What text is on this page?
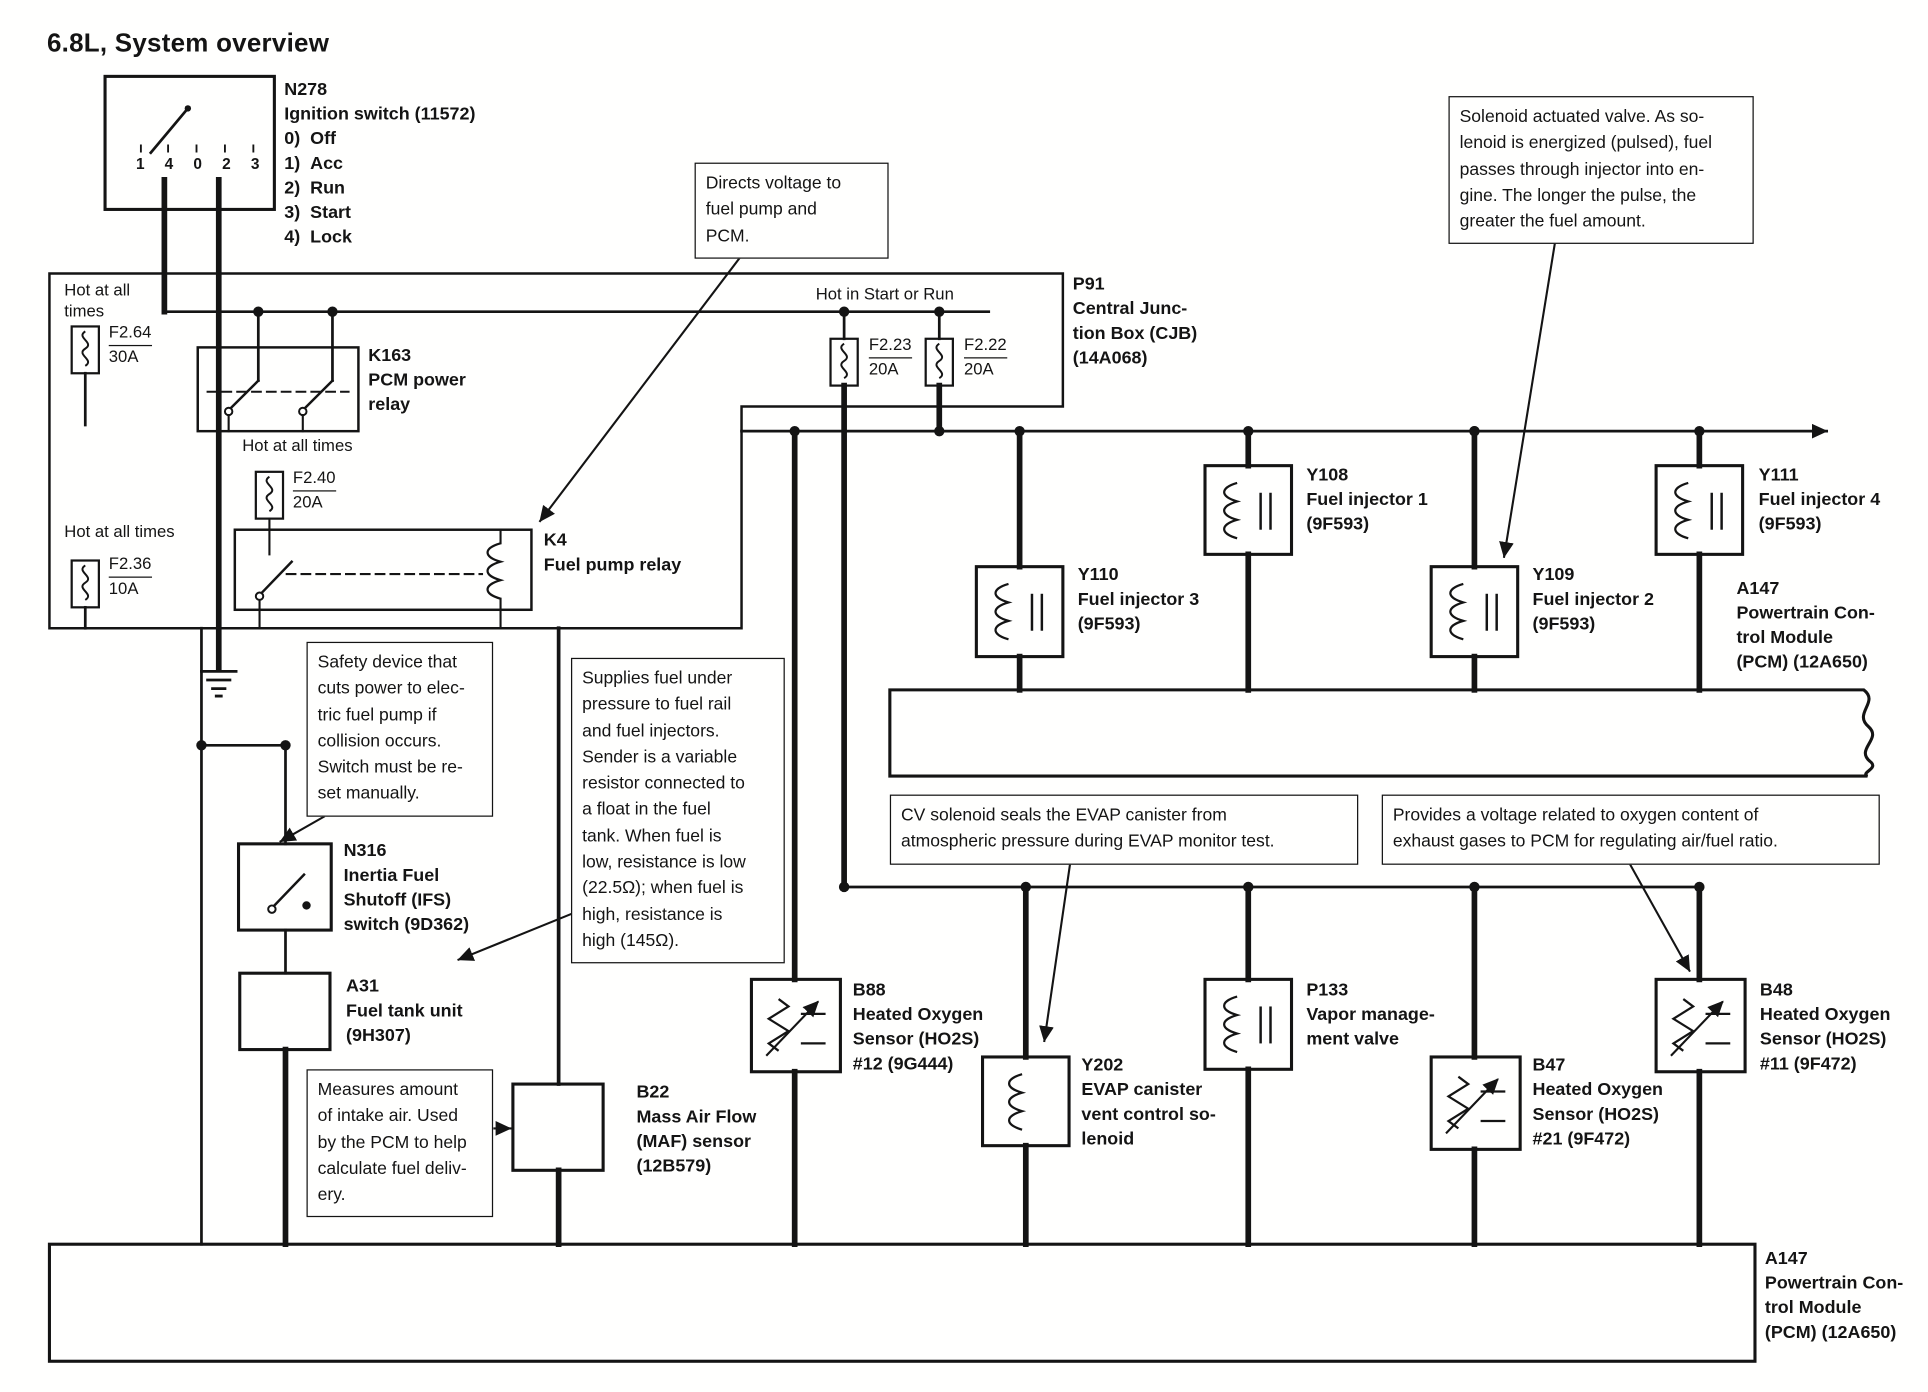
6.8L, System overview
N278
Ignition switch (11572)
0)  Off
1)  Acc
2)  Run
3)  Start
4)  Lock
1 4 0 2 3
Hot at all times
F2.64
30A
Hot in Start or Run
F2.23
20A
F2.22
20A
P91
Central Junc-
tion Box (CJB)
(14A068)
K163
PCM power
relay
Hot at all times
F2.40
20A
K4
Fuel pump relay
Hot at all times
F2.36
10A
Directs voltage to
fuel pump and
PCM.
Solenoid actuated valve. As so-
lenoid is energized (pulsed), fuel
passes through injector into en-
gine. The longer the pulse, the
greater the fuel amount.
Safety device that
cuts power to elec-
tric fuel pump if
collision occurs.
Switch must be re-
set manually.
Supplies fuel under
pressure to fuel rail
and fuel injectors.
Sender is a variable
resistor connected to
a float in the fuel
tank. When fuel is
low, resistance is low
(22.5Ω); when fuel is
high, resistance is
high (145Ω).
Measures amount
of intake air. Used
by the PCM to help
calculate fuel deliv-
ery.
CV solenoid seals the EVAP canister from
atmospheric pressure during EVAP monitor test.
Provides a voltage related to oxygen content of
exhaust gases to PCM for regulating air/fuel ratio.
N316
Inertia Fuel
Shutoff (IFS)
switch (9D362)
A31
Fuel tank unit
(9H307)
B22
Mass Air Flow
(MAF) sensor
(12B579)
B88
Heated Oxygen
Sensor (HO2S)
#12 (9G444)	Y202
EVAP canister
vent control so-
lenoid
P133
Vapor manage-
ment valve
Y110
Fuel injector 3
(9F593)
Y108
Fuel injector 1
(9F593)
Y109
Fuel injector 2
(9F593)
Y111
Fuel injector 4
(9F593)
A147
Powertrain Con-
trol Module
(PCM) (12A650)
B47
Heated Oxygen
Sensor (HO2S)
#21 (9F472)
B48
Heated Oxygen
Sensor (HO2S)
#11 (9F472)
A147
Powertrain Con-
trol Module
(PCM) (12A650)
